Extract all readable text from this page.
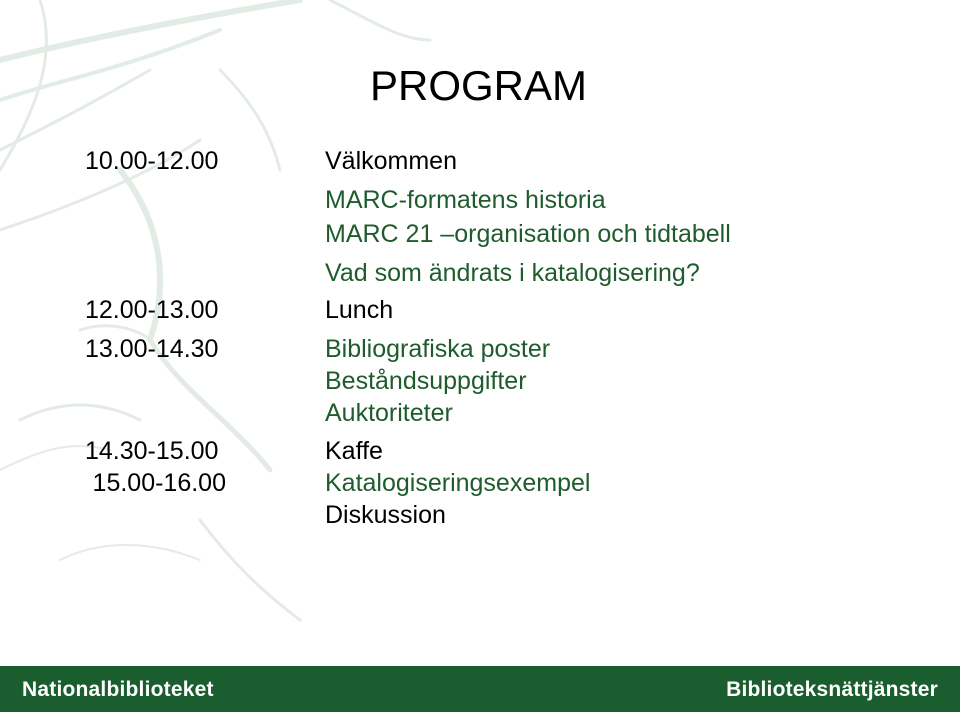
PROGRAM
10.00-12.00	Välkommen
MARC-formatens historia
MARC 21 –organisation och tidtabell
Vad som ändrats i katalogisering?
12.00-13.00	Lunch
13.00-14.30	Bibliografiska poster
Beståndsuppgifter
Auktoriteter
14.30-15.00	Kaffe
15.00-16.00	Katalogiseringsexempel
Diskussion
Nationalbiblioteket	Biblioteksnättjänster
